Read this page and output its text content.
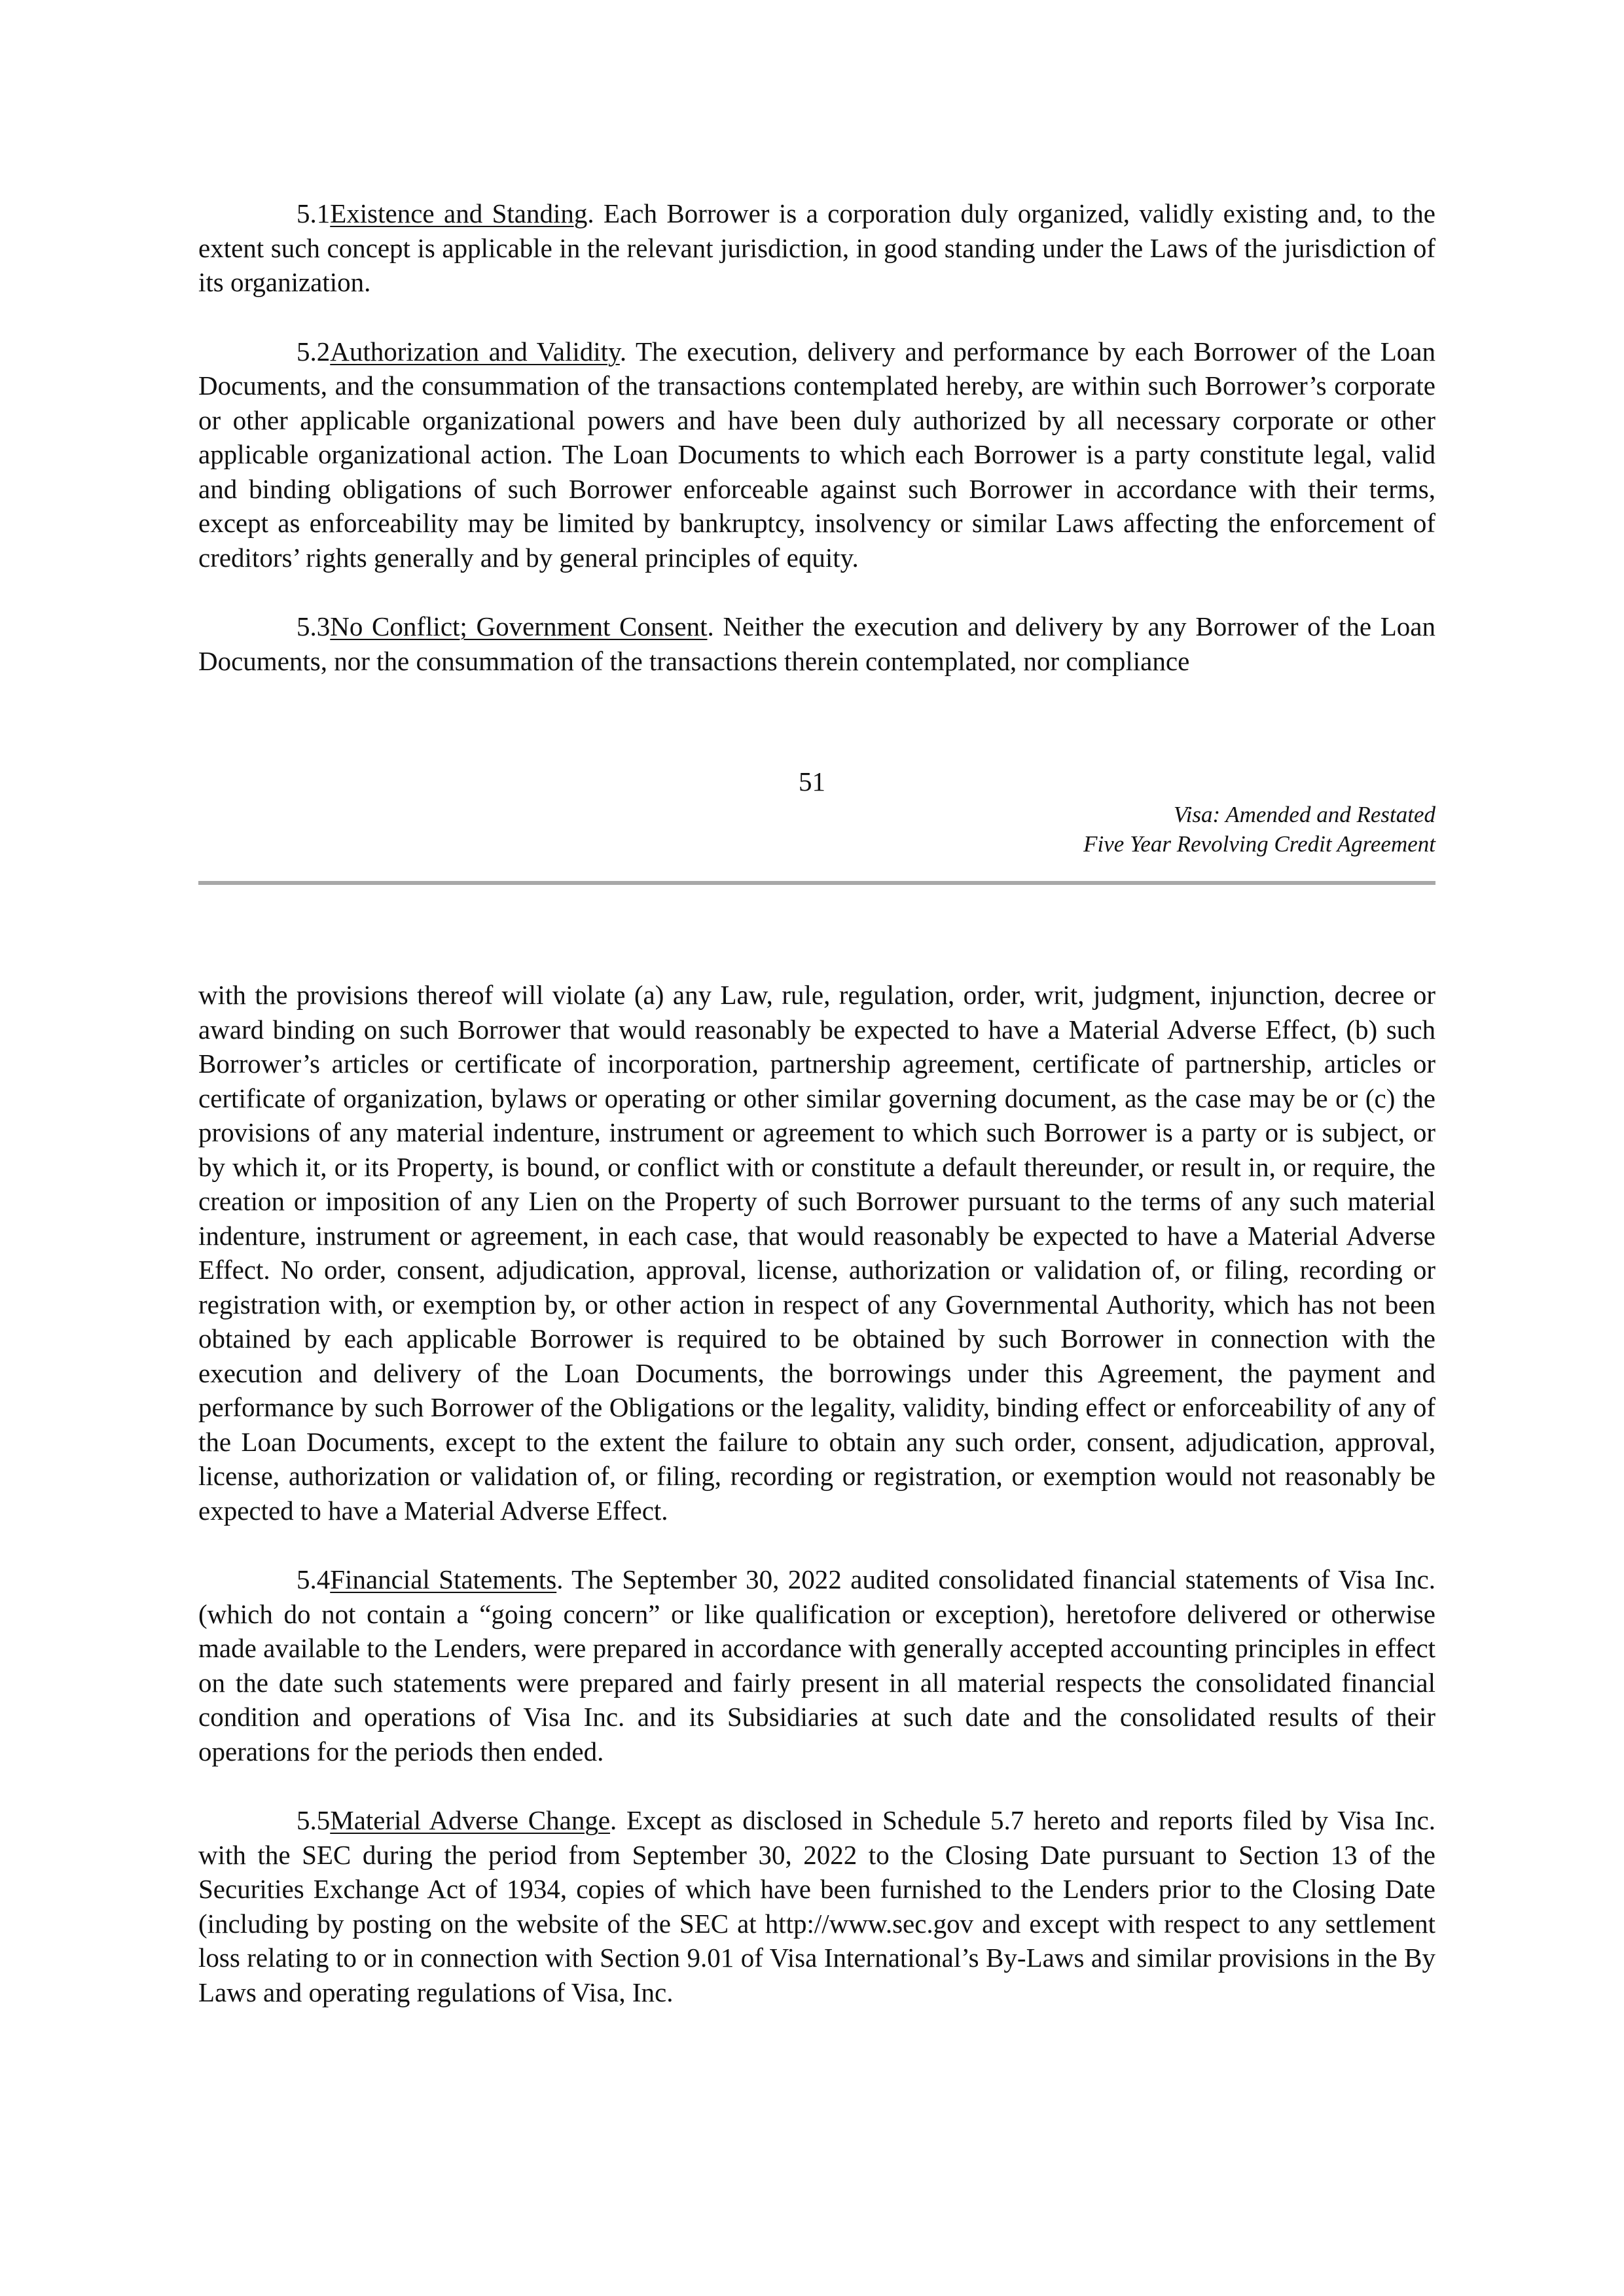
5.1Existence and Standing. Each Borrower is a corporation duly organized, validly existing and, to the extent such concept is applicable in the relevant jurisdiction, in good standing under the Laws of the jurisdiction of its organization.

5.2Authorization and Validity. The execution, delivery and performance by each Borrower of the Loan Documents, and the consummation of the transactions contemplated hereby, are within such Borrower’s corporate or other applicable organizational powers and have been duly authorized by all necessary corporate or other applicable organizational action. The Loan Documents to which each Borrower is a party constitute legal, valid and binding obligations of such Borrower enforceable against such Borrower in accordance with their terms, except as enforceability may be limited by bankruptcy, insolvency or similar Laws affecting the enforcement of creditors’ rights generally and by general principles of equity.

5.3No Conflict; Government Consent. Neither the execution and delivery by any Borrower of the Loan Documents, nor the consummation of the transactions therein contemplated, nor compliance

51
Visa: Amended and Restated
Five Year Revolving Credit Agreement

with the provisions thereof will violate (a) any Law, rule, regulation, order, writ, judgment, injunction, decree or award binding on such Borrower that would reasonably be expected to have a Material Adverse Effect, (b) such Borrower’s articles or certificate of incorporation, partnership agreement, certificate of partnership, articles or certificate of organization, bylaws or operating or other similar governing document, as the case may be or (c) the provisions of any material indenture, instrument or agreement to which such Borrower is a party or is subject, or by which it, or its Property, is bound, or conflict with or constitute a default thereunder, or result in, or require, the creation or imposition of any Lien on the Property of such Borrower pursuant to the terms of any such material indenture, instrument or agreement, in each case, that would reasonably be expected to have a Material Adverse Effect. No order, consent, adjudication, approval, license, authorization or validation of, or filing, recording or registration with, or exemption by, or other action in respect of any Governmental Authority, which has not been obtained by each applicable Borrower is required to be obtained by such Borrower in connection with the execution and delivery of the Loan Documents, the borrowings under this Agreement, the payment and performance by such Borrower of the Obligations or the legality, validity, binding effect or enforceability of any of the Loan Documents, except to the extent the failure to obtain any such order, consent, adjudication, approval, license, authorization or validation of, or filing, recording or registration, or exemption would not reasonably be expected to have a Material Adverse Effect.

5.4Financial Statements. The September 30, 2022 audited consolidated financial statements of Visa Inc. (which do not contain a “going concern” or like qualification or exception), heretofore delivered or otherwise made available to the Lenders, were prepared in accordance with generally accepted accounting principles in effect on the date such statements were prepared and fairly present in all material respects the consolidated financial condition and operations of Visa Inc. and its Subsidiaries at such date and the consolidated results of their operations for the periods then ended.

5.5Material Adverse Change. Except as disclosed in Schedule 5.7 hereto and reports filed by Visa Inc. with the SEC during the period from September 30, 2022 to the Closing Date pursuant to Section 13 of the Securities Exchange Act of 1934, copies of which have been furnished to the Lenders prior to the Closing Date (including by posting on the website of the SEC at http://www.sec.gov and except with respect to any settlement loss relating to or in connection with Section 9.01 of Visa International’s By-Laws and similar provisions in the By Laws and operating regulations of Visa, Inc.
